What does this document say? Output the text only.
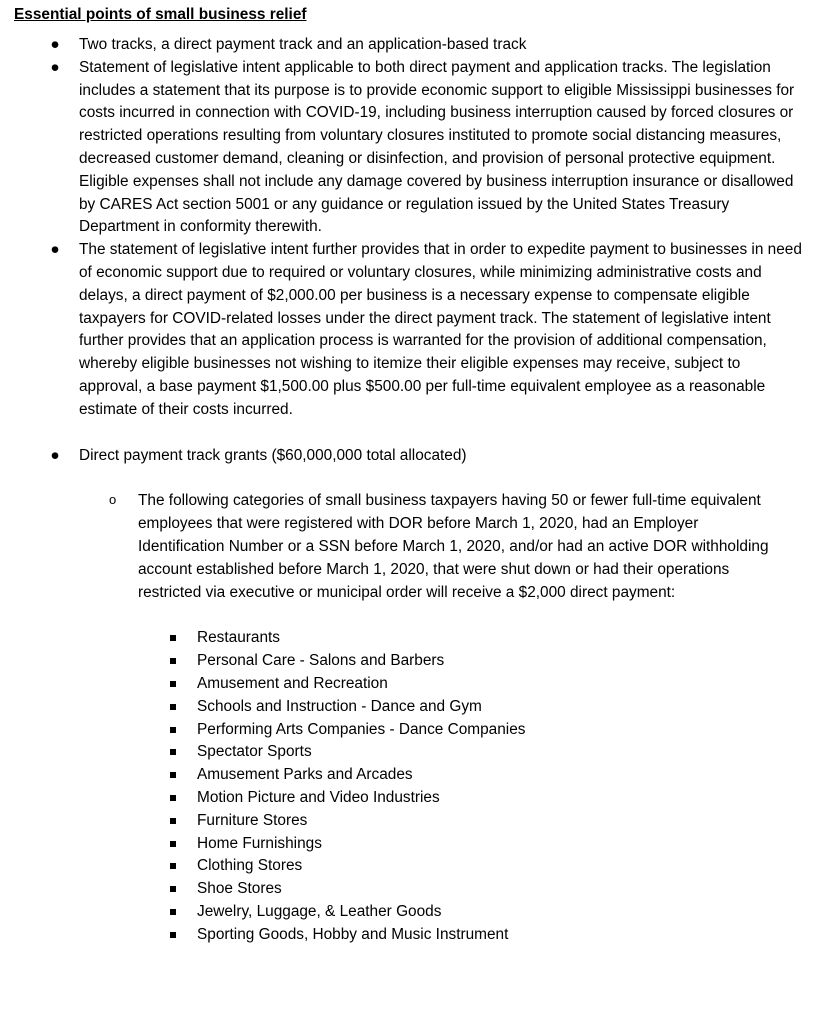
Essential points of small business relief
● Two tracks, a direct payment track and an application-based track
● Statement of legislative intent applicable to both direct payment and application tracks. The legislation includes a statement that its purpose is to provide economic support to eligible Mississippi businesses for costs incurred in connection with COVID-19, including business interruption caused by forced closures or restricted operations resulting from voluntary closures instituted to promote social distancing measures, decreased customer demand, cleaning or disinfection, and provision of personal protective equipment. Eligible expenses shall not include any damage covered by business interruption insurance or disallowed by CARES Act section 5001 or any guidance or regulation issued by the United States Treasury Department in conformity therewith.
● The statement of legislative intent further provides that in order to expedite payment to businesses in need of economic support due to required or voluntary closures, while minimizing administrative costs and delays, a direct payment of $2,000.00 per business is a necessary expense to compensate eligible taxpayers for COVID-related losses under the direct payment track. The statement of legislative intent further provides that an application process is warranted for the provision of additional compensation, whereby eligible businesses not wishing to itemize their eligible expenses may receive, subject to approval, a base payment $1,500.00 plus $500.00 per full-time equivalent employee as a reasonable estimate of their costs incurred.
● Direct payment track grants ($60,000,000 total allocated)
o The following categories of small business taxpayers having 50 or fewer full-time equivalent employees that were registered with DOR before March 1, 2020, had an Employer Identification Number or a SSN before March 1, 2020, and/or had an active DOR withholding account established before March 1, 2020, that were shut down or had their operations restricted via executive or municipal order will receive a $2,000 direct payment:
Restaurants
Personal Care - Salons and Barbers
Amusement and Recreation
Schools and Instruction - Dance and Gym
Performing Arts Companies - Dance Companies
Spectator Sports
Amusement Parks and Arcades
Motion Picture and Video Industries
Furniture Stores
Home Furnishings
Clothing Stores
Shoe Stores
Jewelry, Luggage, & Leather Goods
Sporting Goods, Hobby and Music Instrument
